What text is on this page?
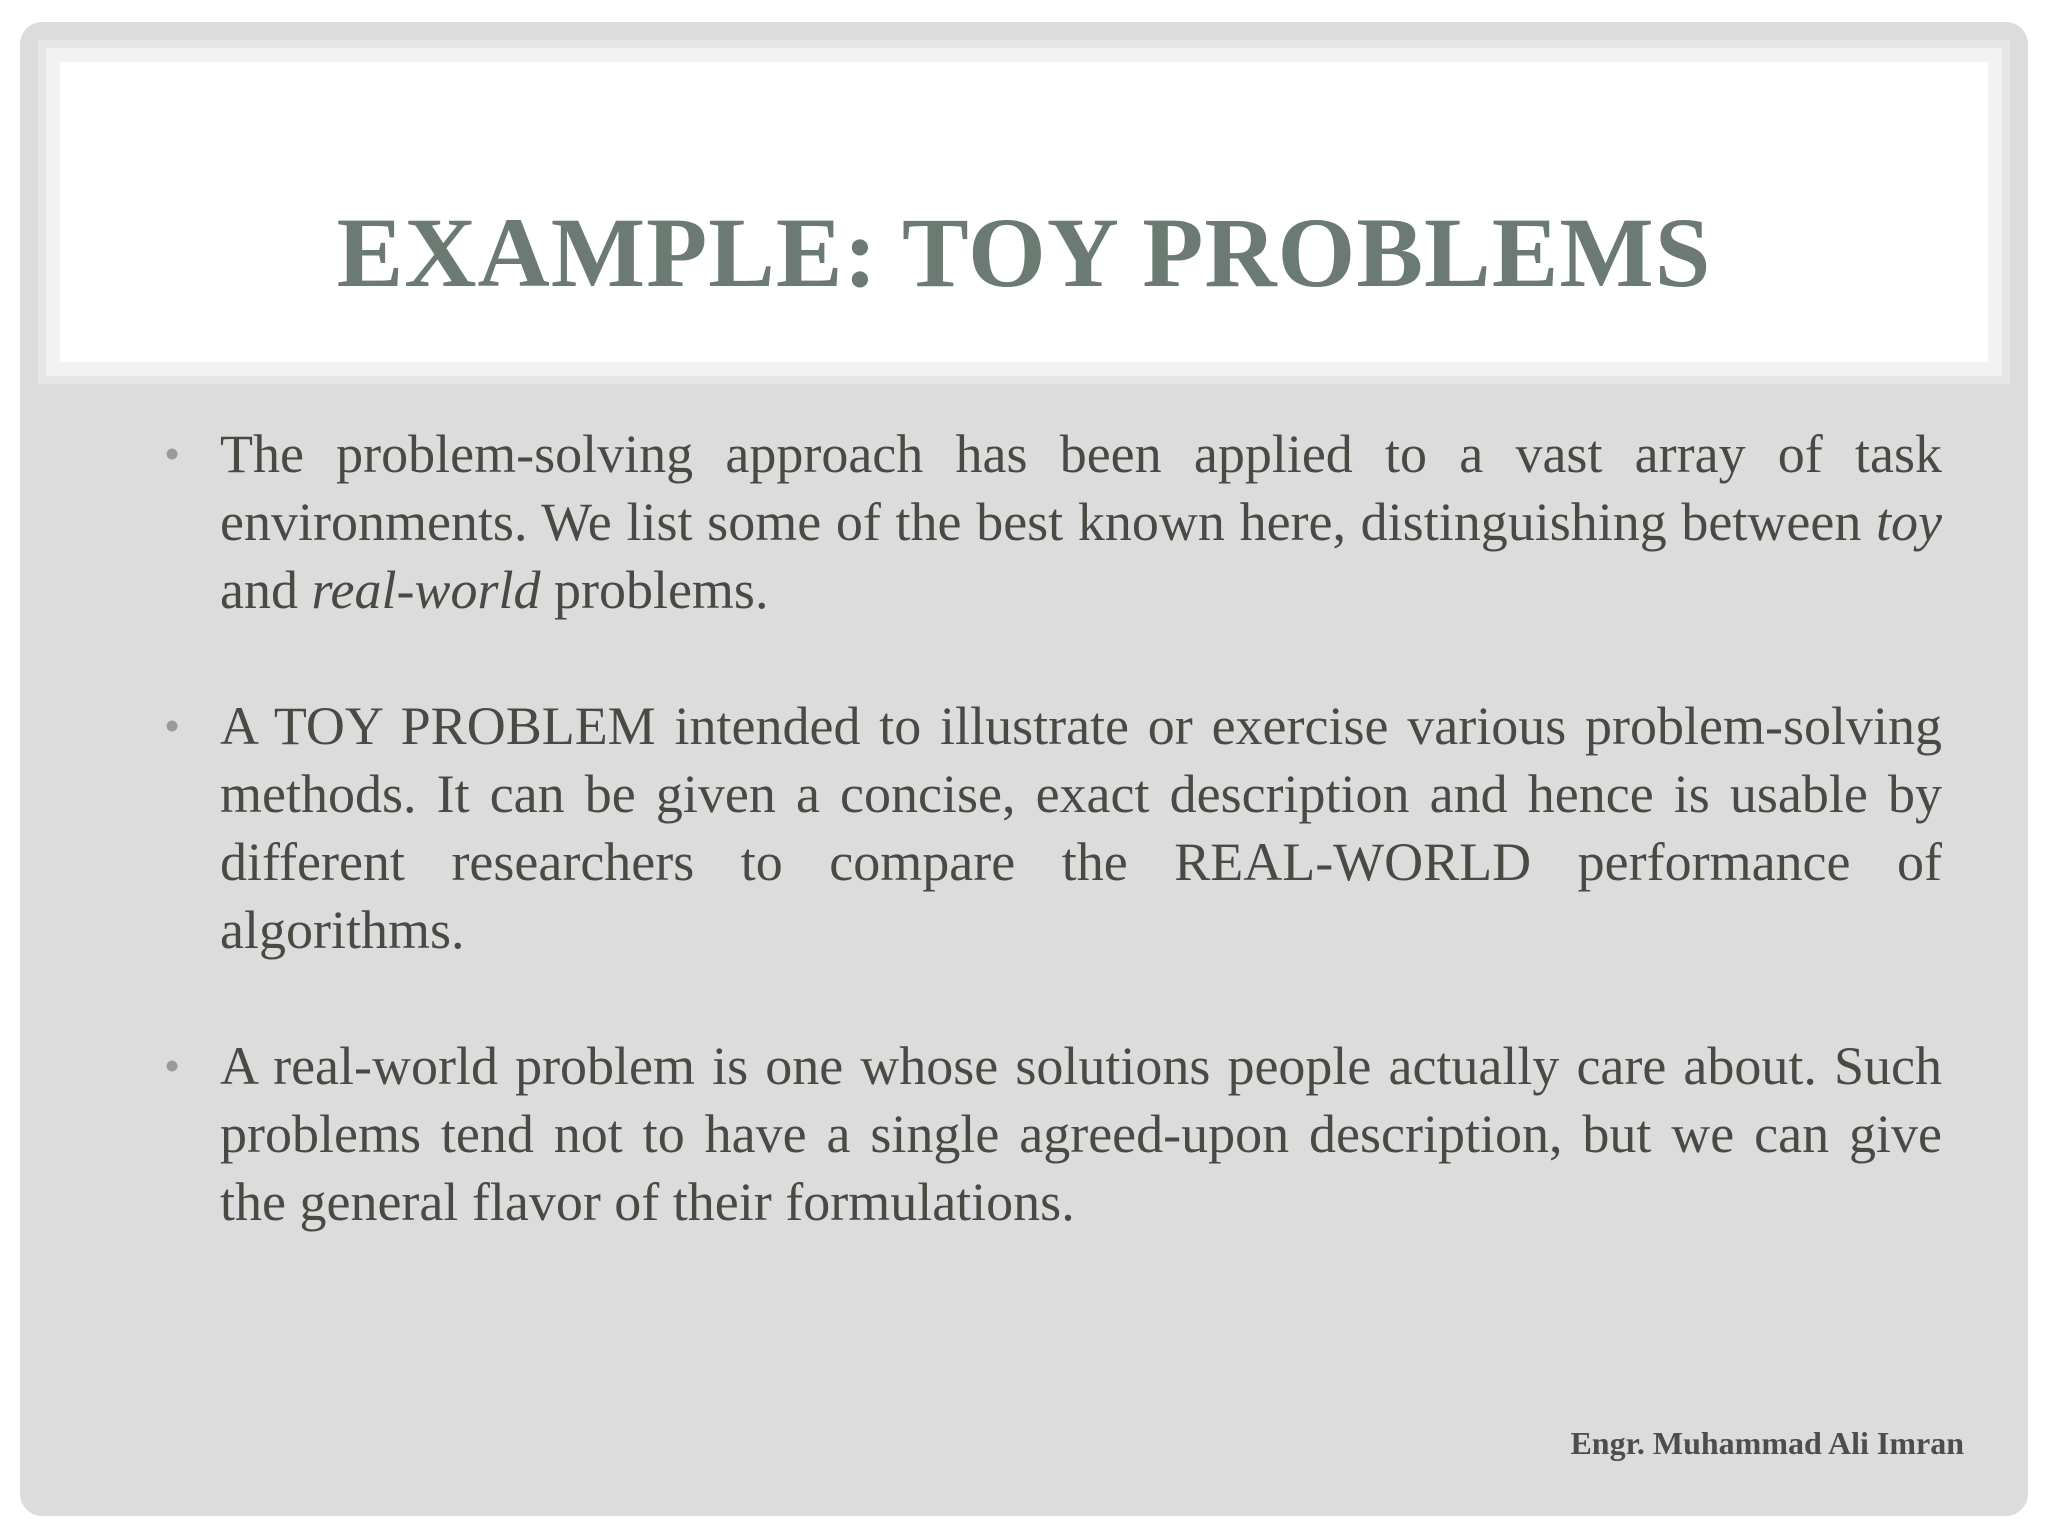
EXAMPLE: TOY PROBLEMS

• The problem-solving approach has been applied to a vast array of task environments. We list some of the best known here, distinguishing between toy and real-world problems.

• A TOY PROBLEM intended to illustrate or exercise various problem-solving methods. It can be given a concise, exact description and hence is usable by different researchers to compare the REAL-WORLD performance of algorithms.

• A real-world problem is one whose solutions people actually care about. Such problems tend not to have a single agreed-upon description, but we can give the general flavor of their formulations.

Engr. Muhammad Ali Imran
